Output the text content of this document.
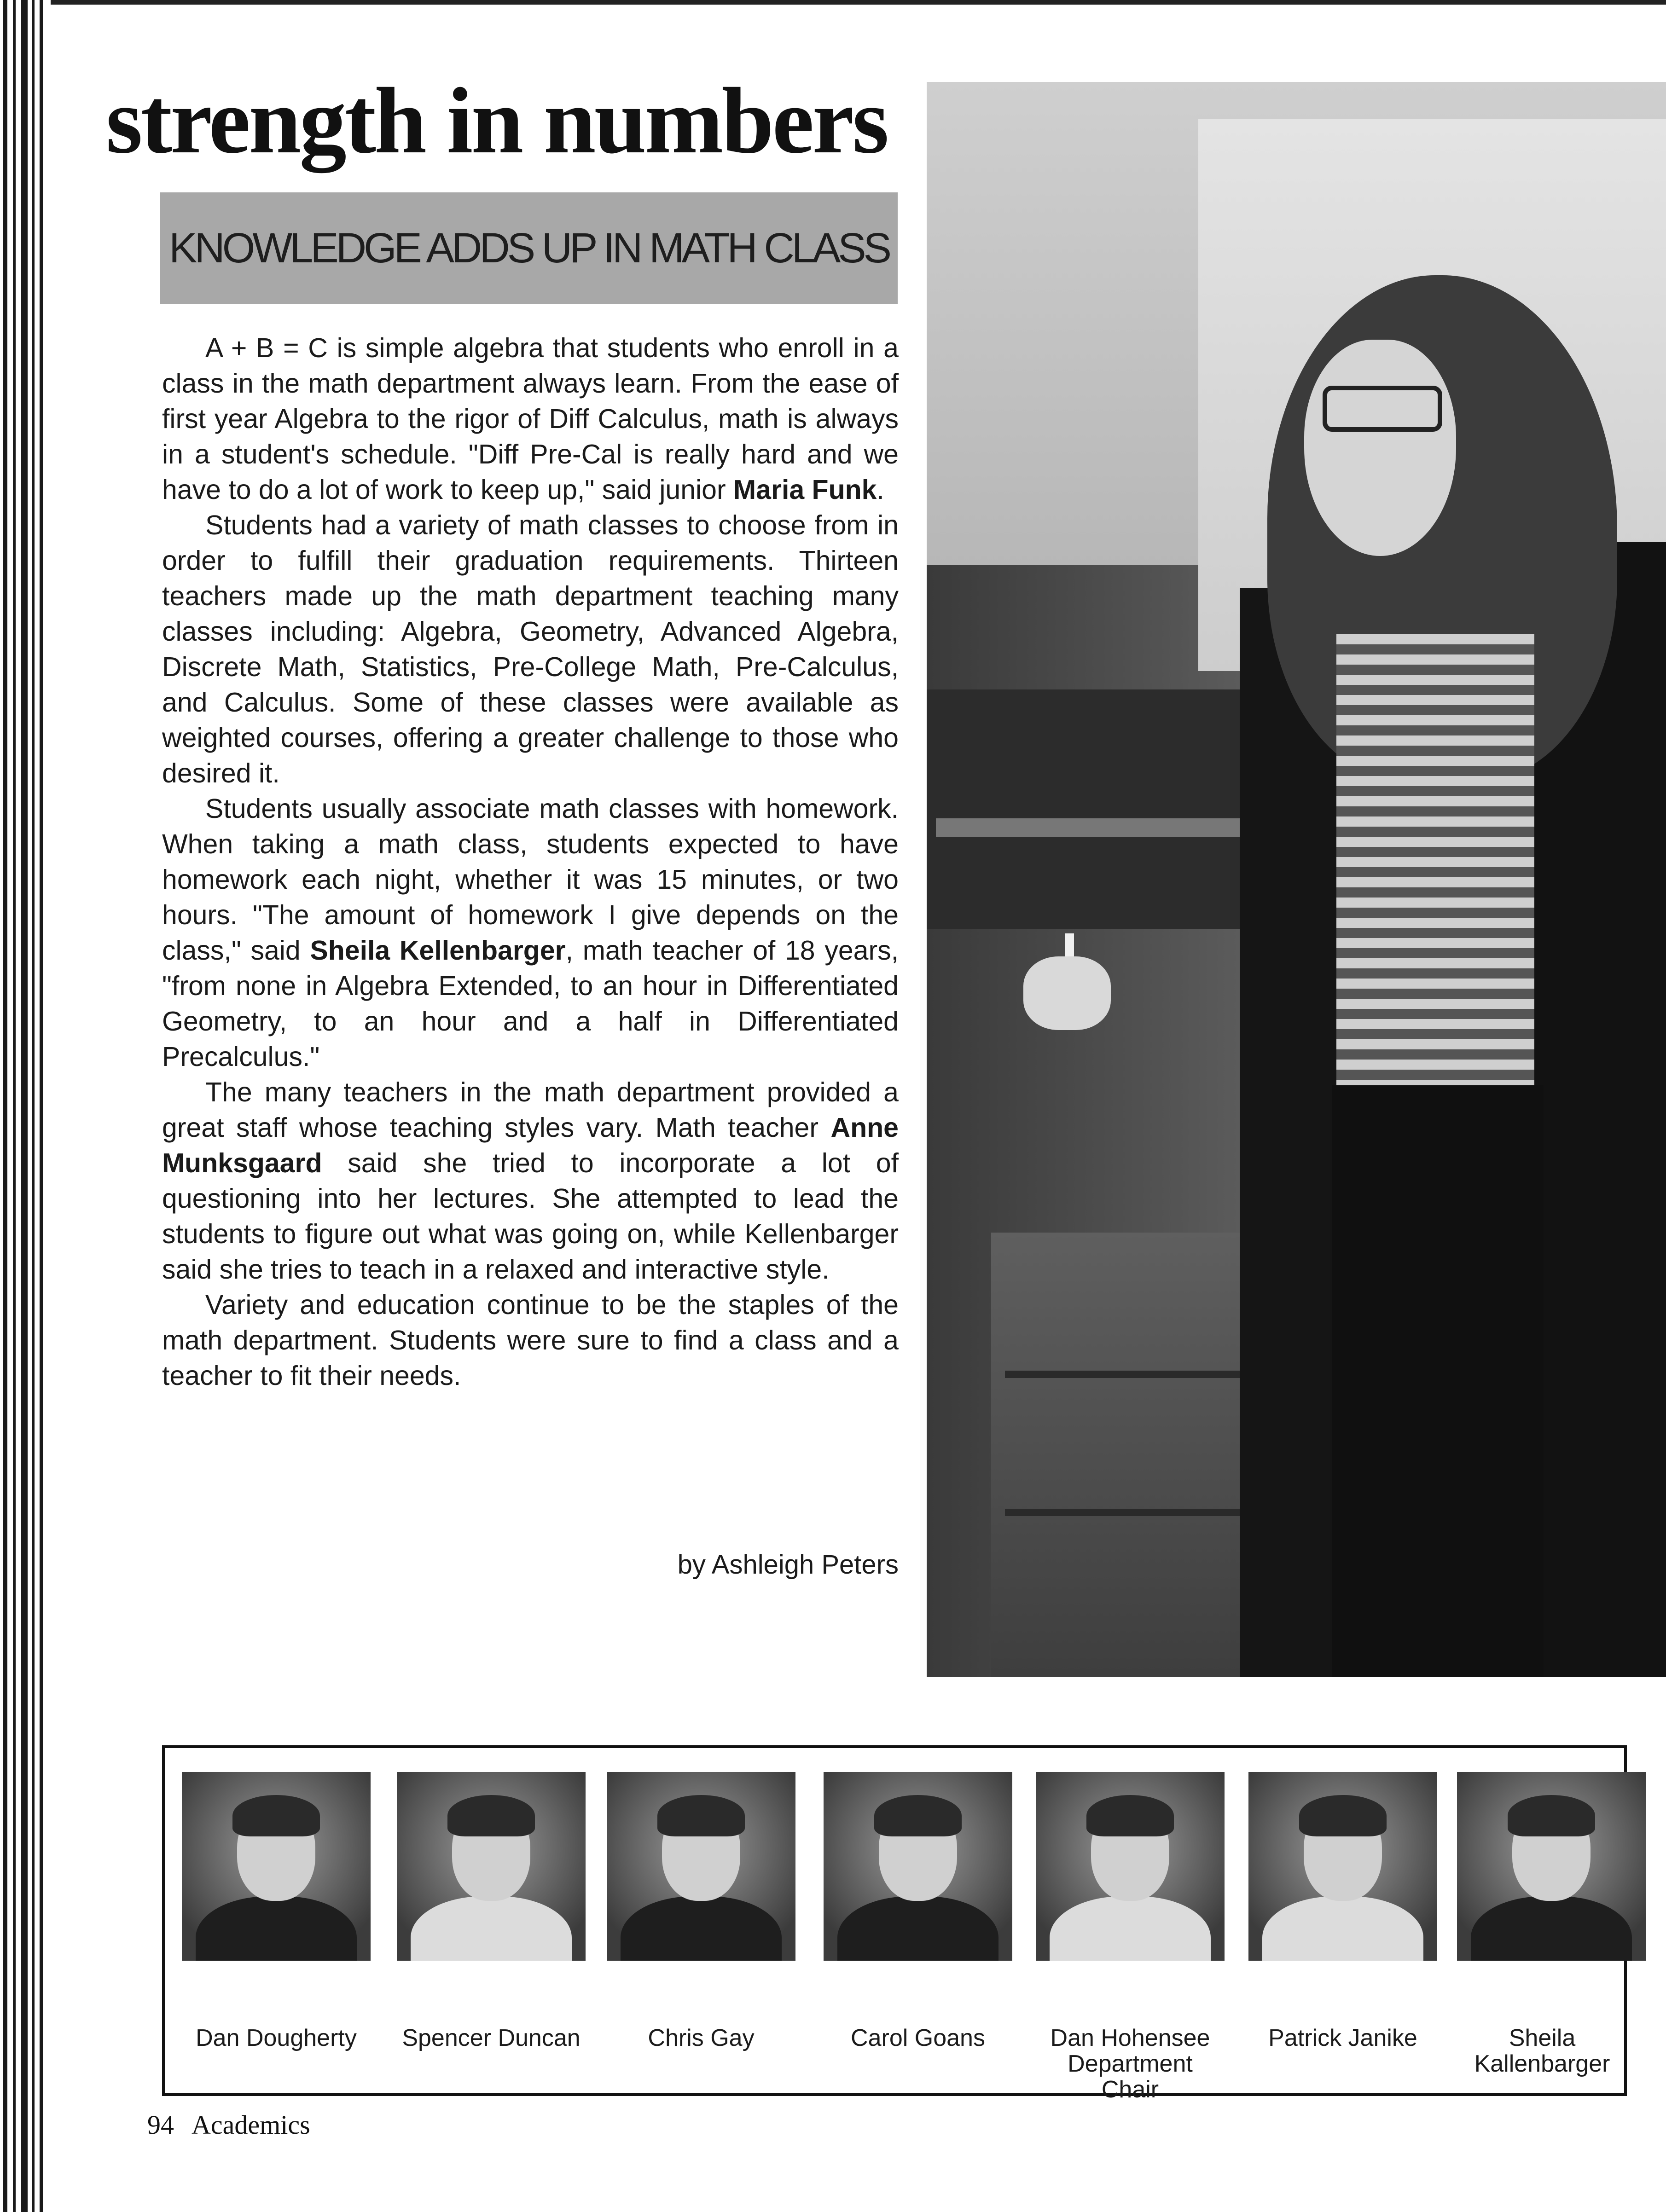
strength in numbers
KNOWLEDGE ADDS UP IN MATH CLASS

A + B = C is simple algebra that students who enroll in a class in the math department always learn. From the ease of first year Algebra to the rigor of Diff Calculus, math is always in a student's schedule. "Diff Pre-Cal is really hard and we have to do a lot of work to keep up," said junior Maria Funk.

Students had a variety of math classes to choose from in order to fulfill their graduation requirements. Thirteen teachers made up the math department teaching many classes including: Algebra, Geometry, Advanced Algebra, Discrete Math, Statistics, Pre-College Math, Pre-Calculus, and Calculus. Some of these classes were available as weighted courses, offering a greater challenge to those who desired it.

Students usually associate math classes with homework. When taking a math class, students expected to have homework each night, whether it was 15 minutes, or two hours. "The amount of homework I give depends on the class," said Sheila Kellenbarger, math teacher of 18 years, "from none in Algebra Extended, to an hour in Differentiated Geometry, to an hour and a half in Differentiated Precalculus."

The many teachers in the math department provided a great staff whose teaching styles vary. Math teacher Anne Munksgaard said she tried to incorporate a lot of questioning into her lectures. She attempted to lead the students to figure out what was going on, while Kellenbarger said she tries to teach in a relaxed and interactive style.

Variety and education continue to be the staples of the math department. Students were sure to find a class and a teacher to fit their needs.

by Ashleigh Peters
Dan Dougherty	Spencer Duncan	Chris Gay	Carol Goans	Dan Hohensee
Department Chair
Patrick Janike	Sheila Kallenbarger
94 Academics
